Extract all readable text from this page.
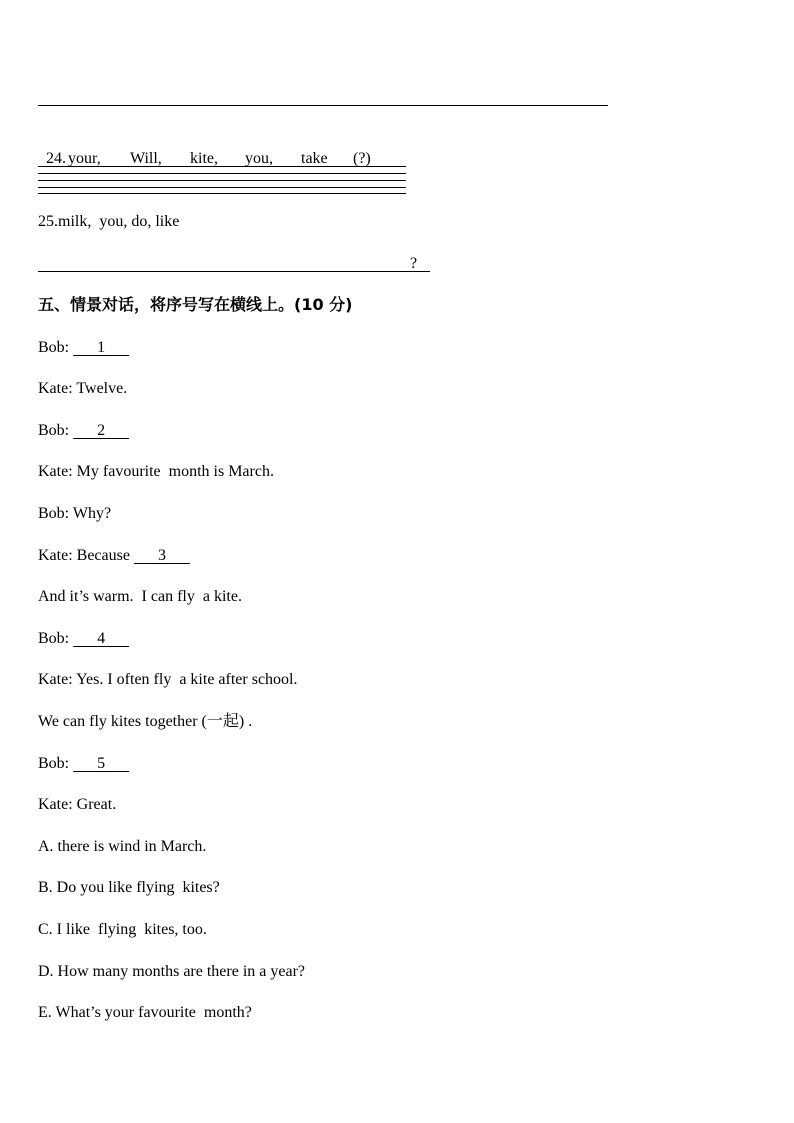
24. your, Will, kite, you, take (?)

25.milk,  you, do, like
?
五、情景对话，将序号写在横线上。(10 分)
Bob: 1
Kate: Twelve.
Bob: 2
Kate: My favourite  month is March.
Bob: Why?
Kate: Because       3
And it’s warm.  I can fly  a kite.
Bob: 4
Kate: Yes. I often fly  a kite after school.
We can fly kites together (一起) .
Bob: 5
Kate: Great.
A. there is wind in March.
B. Do you like flying  kites?
C. I like  flying  kites, too.
D. How many months are there in a year?
E. What’s your favourite  month?
